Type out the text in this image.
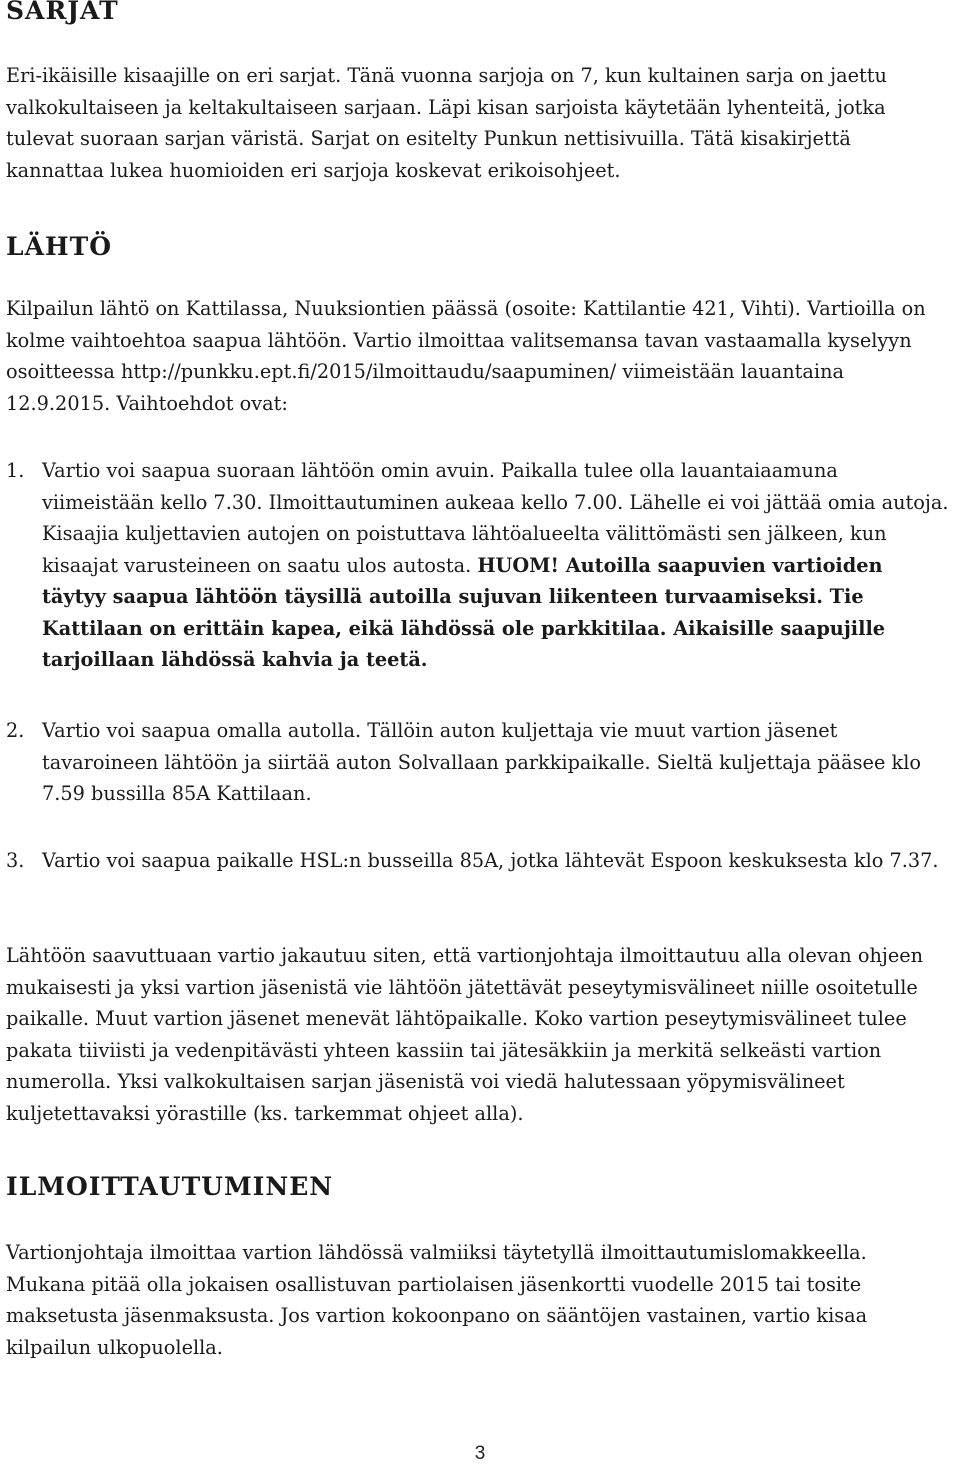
SARJAT

Eri-ikäisille kisaajille on eri sarjat. Tänä vuonna sarjoja on 7, kun kultainen sarja on jaettu valkokultaiseen ja keltakultaiseen sarjaan. Läpi kisan sarjoista käytetään lyhenteitä, jotka tulevat suoraan sarjan väristä. Sarjat on esitelty Punkun nettisivuilla. Tätä kisakirjettä kannattaa lukea huomioiden eri sarjoja koskevat erikoisohjeet.

LÄHTÖ

Kilpailun lähtö on Kattilassa, Nuuksiontien päässä (osoite: Kattilantie 421, Vihti). Vartioilla on kolme vaihtoehtoa saapua lähtöön. Vartio ilmoittaa valitsemansa tavan vastaamalla kyselyyn osoitteessa http://punkku.ept.fi/2015/ilmoittaudu/saapuminen/ viimeistään lauantaina 12.9.2015. Vaihtoehdot ovat:

1. Vartio voi saapua suoraan lähtöön omin avuin. Paikalla tulee olla lauantaiaamuna viimeistään kello 7.30. Ilmoittautuminen aukeaa kello 7.00. Lähelle ei voi jättää omia autoja. Kisaajia kuljettavien autojen on poistuttava lähtöalueelta välittömästi sen jälkeen, kun kisaajat varusteineen on saatu ulos autosta. HUOM! Autoilla saapuvien vartioiden täytyy saapua lähtöön täysillä autoilla sujuvan liikenteen turvaamiseksi. Tie Kattilaan on erittäin kapea, eikä lähdössä ole parkkitilaa. Aikaisille saapujille tarjoillaan lähdössä kahvia ja teetä.
2. Vartio voi saapua omalla autolla. Tällöin auton kuljettaja vie muut vartion jäsenet tavaroineen lähtöön ja siirtää auton Solvallaan parkkipaikalle. Sieltä kuljettaja pääsee klo 7.59 bussilla 85A Kattilaan.
3. Vartio voi saapua paikalle HSL:n busseilla 85A, jotka lähtevät Espoon keskuksesta klo 7.37.

Lähtöön saavuttuaan vartio jakautuu siten, että vartionjohtaja ilmoittautuu alla olevan ohjeen mukaisesti ja yksi vartion jäsenistä vie lähtöön jätettävät peseytymisvälineet niille osoitetulle paikalle. Muut vartion jäsenet menevät lähtöpaikalle. Koko vartion peseytymisvälineet tulee pakata tiiviisti ja vedenpitävästi yhteen kassiin tai jätesäkkiin ja merkitä selkeästi vartion numerolla. Yksi valkokultaisen sarjan jäsenistä voi viedä halutessaan yöpymisvälineet kuljetettavaksi yörastille (ks. tarkemmat ohjeet alla).

ILMOITTAUTUMINEN

Vartionjohtaja ilmoittaa vartion lähdössä valmiiksi täytetyllä ilmoittautumislomakkeella. Mukana pitää olla jokaisen osallistuvan partiolaisen jäsenkortti vuodelle 2015 tai tosite maksetusta jäsenmaksusta. Jos vartion kokoonpano on sääntöjen vastainen, vartio kisaa kilpailun ulkopuolella.

3
